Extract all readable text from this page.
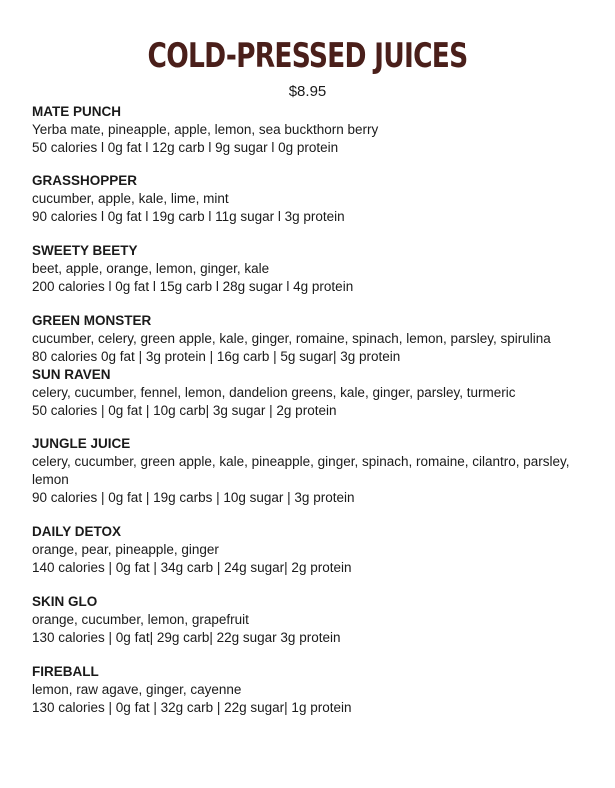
COLD-PRESSED JUICES
$8.95
MATE PUNCH
Yerba mate, pineapple, apple, lemon, sea buckthorn berry
50 calories l 0g fat l 12g carb l 9g sugar l 0g protein
GRASSHOPPER
cucumber, apple, kale, lime, mint
90 calories l 0g fat l 19g carb l 11g sugar l 3g protein
SWEETY BEETY
beet, apple, orange, lemon, ginger, kale
200 calories l 0g fat l 15g carb l 28g sugar l 4g protein
GREEN MONSTER
cucumber, celery, green apple, kale, ginger, romaine, spinach, lemon, parsley, spirulina
80 calories 0g fat | 3g protein | 16g carb | 5g sugar| 3g protein
SUN RAVEN
celery, cucumber, fennel, lemon, dandelion greens, kale, ginger, parsley, turmeric
50 calories | 0g fat | 10g carb| 3g sugar | 2g protein
JUNGLE JUICE
celery, cucumber, green apple, kale, pineapple, ginger, spinach, romaine, cilantro, parsley, lemon
90 calories | 0g fat | 19g carbs | 10g sugar | 3g protein
DAILY DETOX
orange, pear, pineapple, ginger
140 calories | 0g fat | 34g carb | 24g sugar| 2g protein
SKIN GLO
orange, cucumber, lemon, grapefruit
130 calories | 0g fat| 29g carb| 22g sugar 3g protein
FIREBALL
lemon, raw agave, ginger, cayenne
130 calories | 0g fat | 32g carb | 22g sugar| 1g protein
